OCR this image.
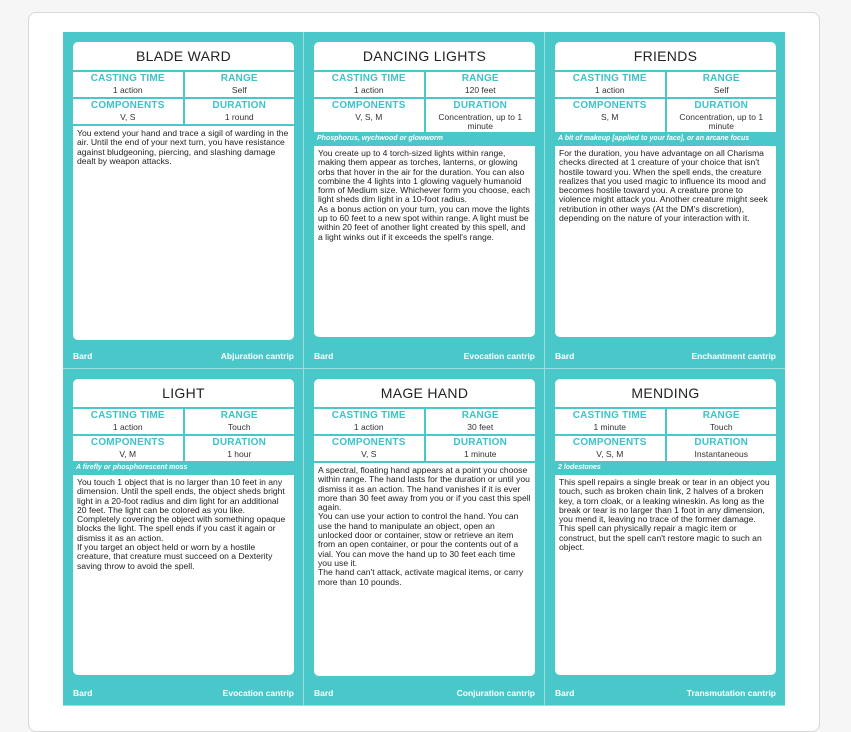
BLADE WARD
CASTING TIME
1 action
RANGE
Self
COMPONENTS
V, S
DURATION
1 round

You extend your hand and trace a sigil of warding in the air. Until the end of your next turn, you have resistance against bludgeoning, piercing, and slashing damage dealt by weapon attacks.

Bard	Abjuration cantrip
DANCING LIGHTS
CASTING TIME
1 action
RANGE
120 feet
COMPONENTS
V, S, M
DURATION
Concentration, up to 1 minute
Phosphorus, wychwood or glowworm

You create up to 4 torch-sized lights within range, making them appear as torches, lanterns, or glowing orbs that hover in the air for the duration. You can also combine the 4 lights into 1 glowing vaguely humanoid form of Medium size. Whichever form you choose, each light sheds dim light in a 10-foot radius.

As a bonus action on your turn, you can move the lights up to 60 feet to a new spot within range. A light must be within 20 feet of another light created by this spell, and a light winks out if it exceeds the spell's range.

Bard	Evocation cantrip
FRIENDS
CASTING TIME
1 action
RANGE
Self
COMPONENTS
S, M
DURATION
Concentration, up to 1 minute
A bit of makeup [applied to your face], or an arcane focus

For the duration, you have advantage on all Charisma checks directed at 1 creature of your choice that isn't hostile toward you. When the spell ends, the creature realizes that you used magic to influence its mood and becomes hostile toward you. A creature prone to violence might attack you. Another creature might seek retribution in other ways (At the DM's discretion), depending on the nature of your interaction with it.

Bard	Enchantment cantrip
LIGHT
CASTING TIME
1 action
RANGE
Touch
COMPONENTS
V, M
DURATION
1 hour
A firefly or phosphorescent moss

You touch 1 object that is no larger than 10 feet in any dimension. Until the spell ends, the object sheds bright light in a 20-foot radius and dim light for an additional 20 feet. The light can be colored as you like. Completely covering the object with something opaque blocks the light. The spell ends if you cast it again or dismiss it as an action.

If you target an object held or worn by a hostile creature, that creature must succeed on a Dexterity saving throw to avoid the spell.

Bard	Evocation cantrip
MAGE HAND
CASTING TIME
1 action
RANGE
30 feet
COMPONENTS
V, S
DURATION
1 minute

A spectral, floating hand appears at a point you choose within range. The hand lasts for the duration or until you dismiss it as an action. The hand vanishes if it is ever more than 30 feet away from you or if you cast this spell again.

You can use your action to control the hand. You can use the hand to manipulate an object, open an unlocked door or container, stow or retrieve an item from an open container, or pour the contents out of a vial. You can move the hand up to 30 feet each time you use it.

The hand can't attack, activate magical items, or carry more than 10 pounds.

Bard	Conjuration cantrip
MENDING
CASTING TIME
1 minute
RANGE
Touch
COMPONENTS
V, S, M
DURATION
Instantaneous
2 lodestones

This spell repairs a single break or tear in an object you touch, such as broken chain link, 2 halves of a broken key, a torn cloak, or a leaking wineskin. As long as the break or tear is no larger than 1 foot in any dimension, you mend it, leaving no trace of the former damage.

This spell can physically repair a magic item or construct, but the spell can't restore magic to such an object.

Bard	Transmutation cantrip
